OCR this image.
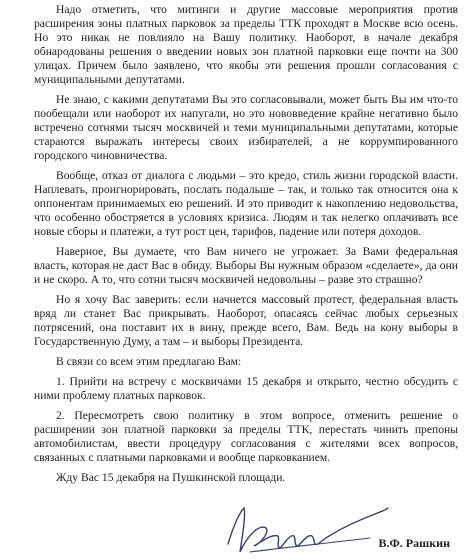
Надо отметить, что митинги и другие массовые мероприятия против расширения зоны платных парковок за пределы ТТК проходят в Москве всю осень. Но это никак не повлияло на Вашу политику. Наоборот, в начале декабря обнародованы решения о введении новых зон платной парковки еще почти на 300 улицах. Причем было заявлено, что якобы эти решения прошли согласования с муниципальными депутатами.

Не знаю, с какими депутатами Вы это согласовывали, может быть Вы им что-то пообещали или наоборот их напугали, но это нововведение крайне негативно было встречено сотнями тысяч москвичей и теми муниципальными депутатами, которые стараются выражать интересы своих избирателей, а не коррумпированного городского чиновничества.

Вообще, отказ от диалога с людьми – это кредо, стиль жизни городской власти. Наплевать, проигнорировать, послать подальше – так, и только так относится она к оппонентам принимаемых ею решений. И это приводит к накоплению недовольства, что особенно обостряется в условиях кризиса. Людям и так нелегко оплачивать все новые сборы и платежи, а тут рост цен, тарифов, падение или потеря доходов.

Наверное, Вы думаете, что Вам ничего не угрожает. За Вами федеральная власть, которая не даст Вас в обиду. Выборы Вы нужным образом «сделаете», да они и не скоро. А то, что сотни тысяч москвичей недовольны – разве это страшно?

Но я хочу Вас заверить: если начнется массовый протест, федеральная власть вряд ли станет Вас прикрывать. Наоборот, опасаясь сейчас любых серьезных потрясений, она поставит их в вину, прежде всего, Вам. Ведь на кону выборы в Государственную Думу, а там – и выборы Президента.

В связи со всем этим предлагаю Вам:

1. Прийти на встречу с москвичами 15 декабря и открыто, честно обсудить с ними проблему платных парковок.

2. Пересмотреть свою политику в этом вопросе, отменить решение о расширении зон платной парковки за пределы ТТК, перестать чинить препоны автомобилистам, ввести процедуру согласования с жителями всех вопросов, связанных с платными парковками и вообще парковканием.

Жду Вас 15 декабря на Пушкинской площади.

В.Ф. Рашкин
